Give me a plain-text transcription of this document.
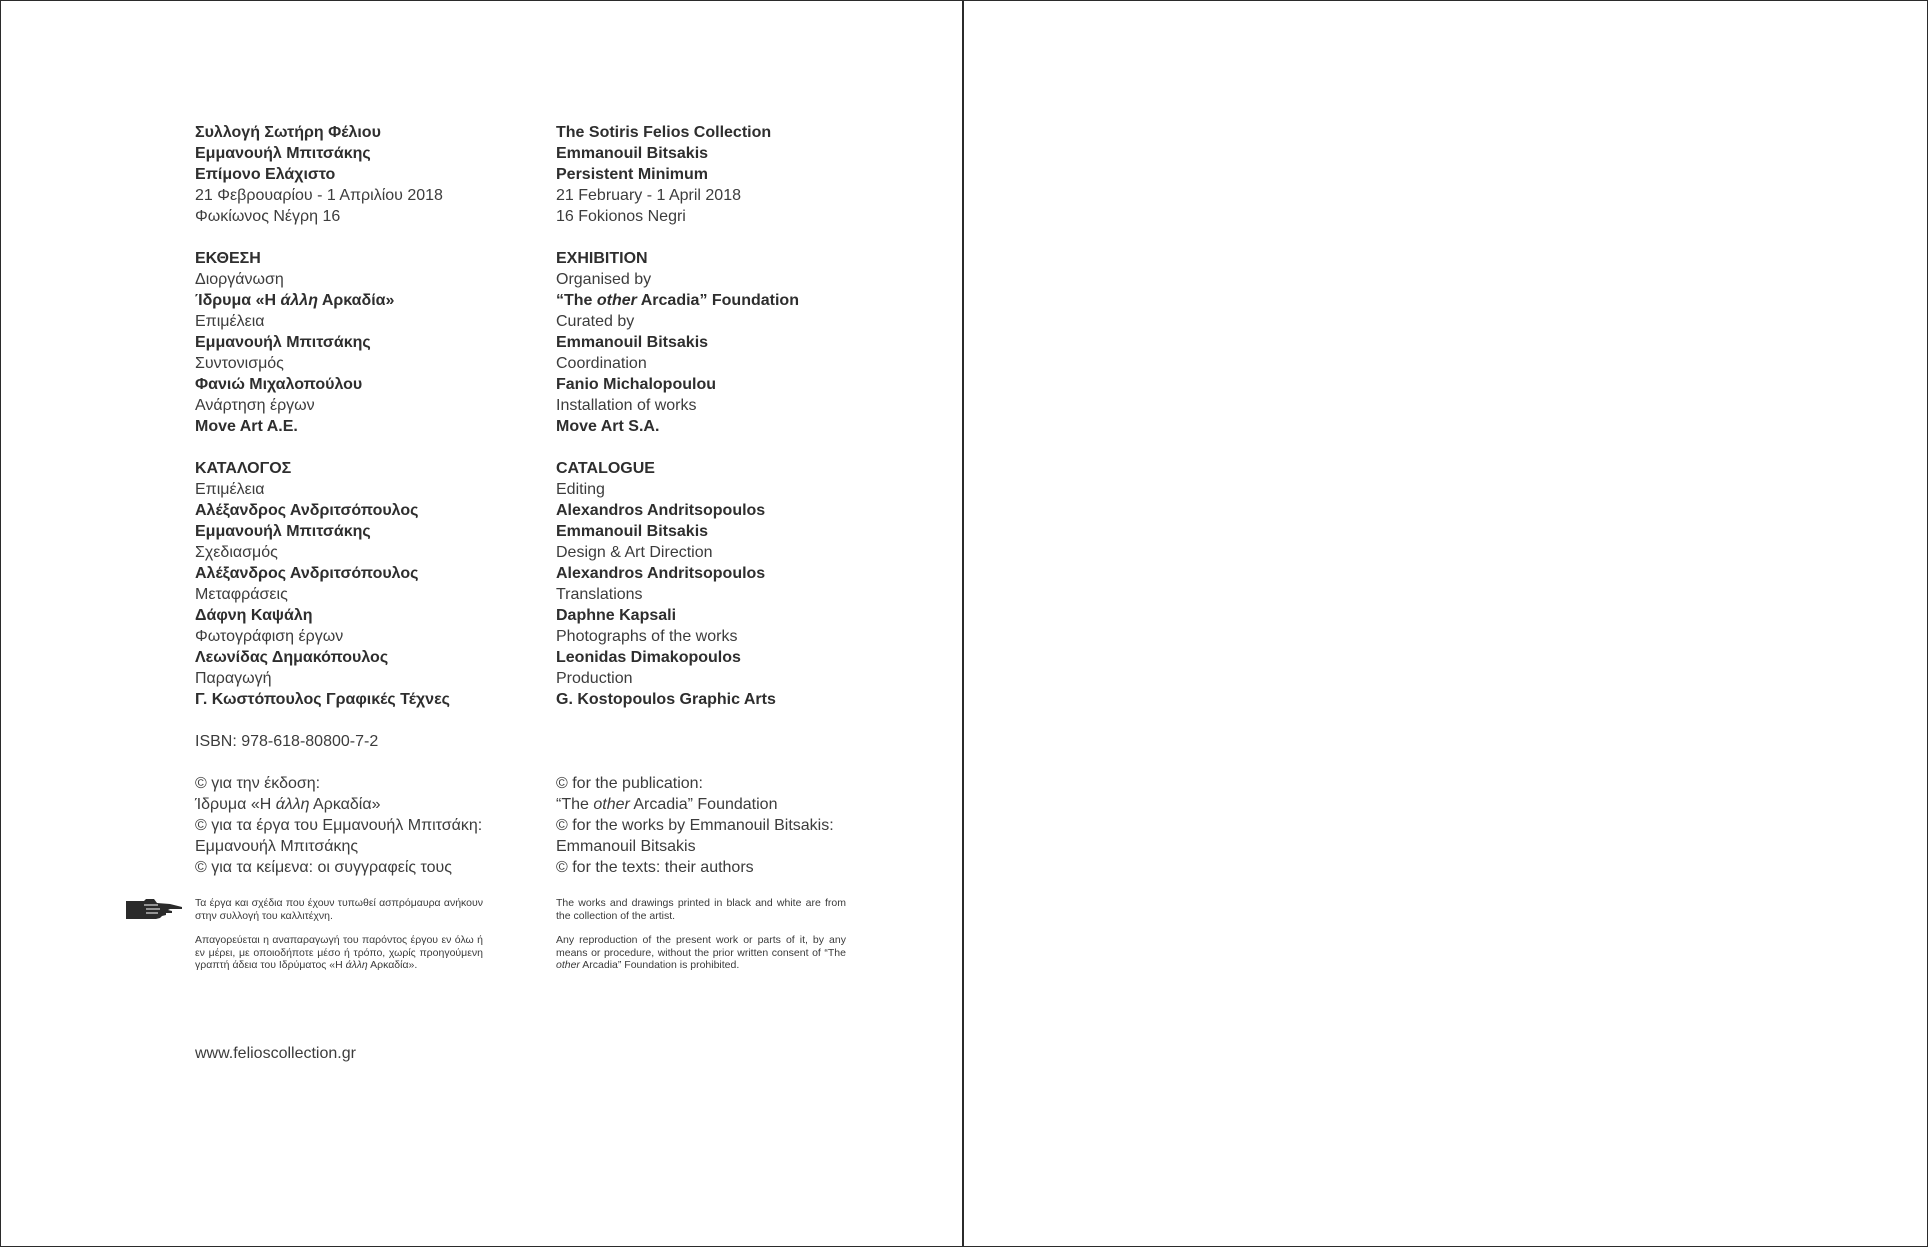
Συλλογή Σωτήρη Φέλιου
Εμμανουήλ Μπιτσάκης
Επίμονο Ελάχιστο
21 Φεβρουαρίου - 1 Απριλίου 2018
Φωκίωνος Νέγρη 16
ΕΚΘΕΣΗ
Διοργάνωση
Ίδρυμα «Η άλλη Αρκαδία»
Επιμέλεια
Εμμανουήλ Μπιτσάκης
Συντονισμός
Φανιώ Μιχαλοπούλου
Ανάρτηση έργων
Move Art A.E.
ΚΑΤΑΛΟΓΟΣ
Επιμέλεια
Αλέξανδρος Ανδριτσόπουλος
Εμμανουήλ Μπιτσάκης
Σχεδιασμός
Αλέξανδρος Ανδριτσόπουλος
Μεταφράσεις
Δάφνη Καψάλη
Φωτογράφιση έργων
Λεωνίδας Δημακόπουλος
Παραγωγή
Γ. Κωστόπουλος Γραφικές Τέχνες
ISBN: 978-618-80800-7-2
© για την έκδοση:
Ίδρυμα «Η άλλη Αρκαδία»
© για τα έργα του Εμμανουήλ Μπιτσάκη:
Εμμανουήλ Μπιτσάκης
© για τα κείμενα: οι συγγραφείς τους
The Sotiris Felios Collection
Emmanouil Bitsakis
Persistent Minimum
21 February - 1 April 2018
16 Fokionos Negri
EXHIBITION
Organised by
“The other Arcadia” Foundation
Curated by
Emmanouil Bitsakis
Coordination
Fanio Michalopoulou
Installation of works
Move Art S.A.
CATALOGUE
Editing
Alexandros Andritsopoulos
Emmanouil Bitsakis
Design & Art Direction
Alexandros Andritsopoulos
Translations
Daphne Kapsali
Photographs of the works
Leonidas Dimakopoulos
Production
G. Kostopoulos Graphic Arts

© for the publication:
“The other Arcadia” Foundation
© for the works by Emmanouil Bitsakis:
Emmanouil Bitsakis
© for the texts: their authors

Τα έργα και σχέδια που έχουν τυπωθεί ασπρόμαυρα ανήκουν στην συλλογή του καλλιτέχνη.

Απαγορεύεται η αναπαραγωγή του παρόντος έργου εν όλω ή εν μέρει, με οποιοδήποτε μέσο ή τρόπο, χωρίς προηγούμενη γραπτή άδεια του Ιδρύματος «Η άλλη Αρκαδία».

The works and drawings printed in black and white are from the collection of the artist.

Any reproduction of the present work or parts of it, by any means or procedure, without the prior written consent of “The other Arcadia” Foundation is prohibited.

www.felioscollection.gr
